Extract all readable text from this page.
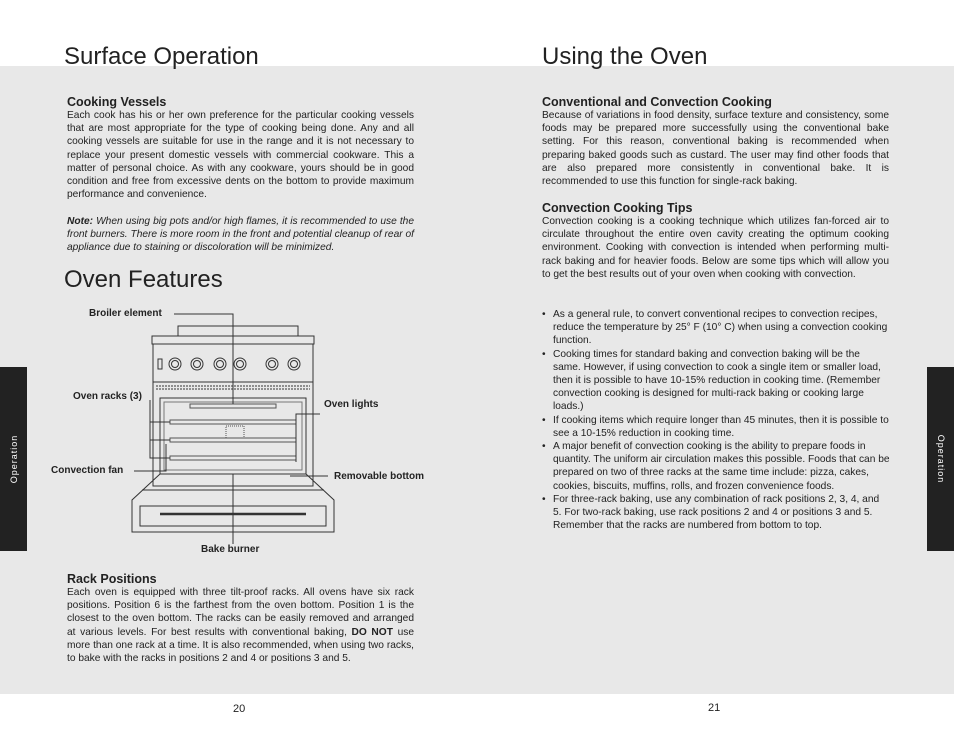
Surface Operation
Cooking Vessels

Each cook has his or her own preference for the particular cooking vessels that are most appropriate for the type of cooking being done. Any and all cooking vessels are suitable for use in the range and it is not necessary to replace your present domestic vessels with commercial cookware. This a matter of personal choice. As with any cookware, yours should be in good condition and free from excessive dents on the bottom to provide maximum performance and convenience.

Note: When using big pots and/or high flames, it is recommended to use the front burners. There is more room in the front and potential cleanup of rear of appliance due to staining or discoloration will be minimized.

Oven Features
Broiler element
Oven racks (3)
Oven lights
Convection fan
Removable bottom
Bake burner
Rack Positions

Each oven is equipped with three tilt-proof racks. All ovens have six rack positions. Position 6 is the farthest from the oven bottom. Position 1 is the closest to the oven bottom. The racks can be easily removed and arranged at various levels. For best results with conventional baking, DO NOT use more than one rack at a time. It is also recommended, when using two racks, to bake with the racks in positions 2 and 4 or positions 3 and 5.

Operation
20
Using the Oven
Conventional and Convection Cooking

Because of variations in food density, surface texture and consistency, some foods may be prepared more successfully using the conventional bake setting. For this reason, conventional baking is recommended when preparing baked goods such as custard. The user may find other foods that are also prepared more consistently in conventional bake. It is recommended to use this function for single-rack baking.

Convection Cooking Tips

Convection cooking is a cooking technique which utilizes fan-forced air to circulate throughout the entire oven cavity creating the optimum cooking environment. Cooking with convection is intended when performing multi-rack baking and for heavier foods. Below are some tips which will allow you to get the best results out of your oven when cooking with convection.

• As a general rule, to convert conventional recipes to convection recipes, reduce the temperature by 25° F (10° C) when using a convection cooking function.
• Cooking times for standard baking and convection baking will be the same. However, if using convection to cook a single item or smaller load, then it is possible to have 10-15% reduction in cooking time. (Remember convection cooking is designed for multi-rack baking or cooking large loads.)
• If cooking items which require longer than 45 minutes, then it is possible to see a 10-15% reduction in cooking time.
• A major benefit of convection cooking is the ability to prepare foods in quantity. The uniform air circulation makes this possible. Foods that can be prepared on two of three racks at the same time include: pizza, cakes, cookies, biscuits, muffins, rolls, and frozen convenience foods.
• For three-rack baking, use any combination of rack positions 2, 3, 4, and 5. For two-rack baking, use rack positions 2 and 4 or positions 3 and 5. Remember that the racks are numbered from bottom to top.
Operation
21
